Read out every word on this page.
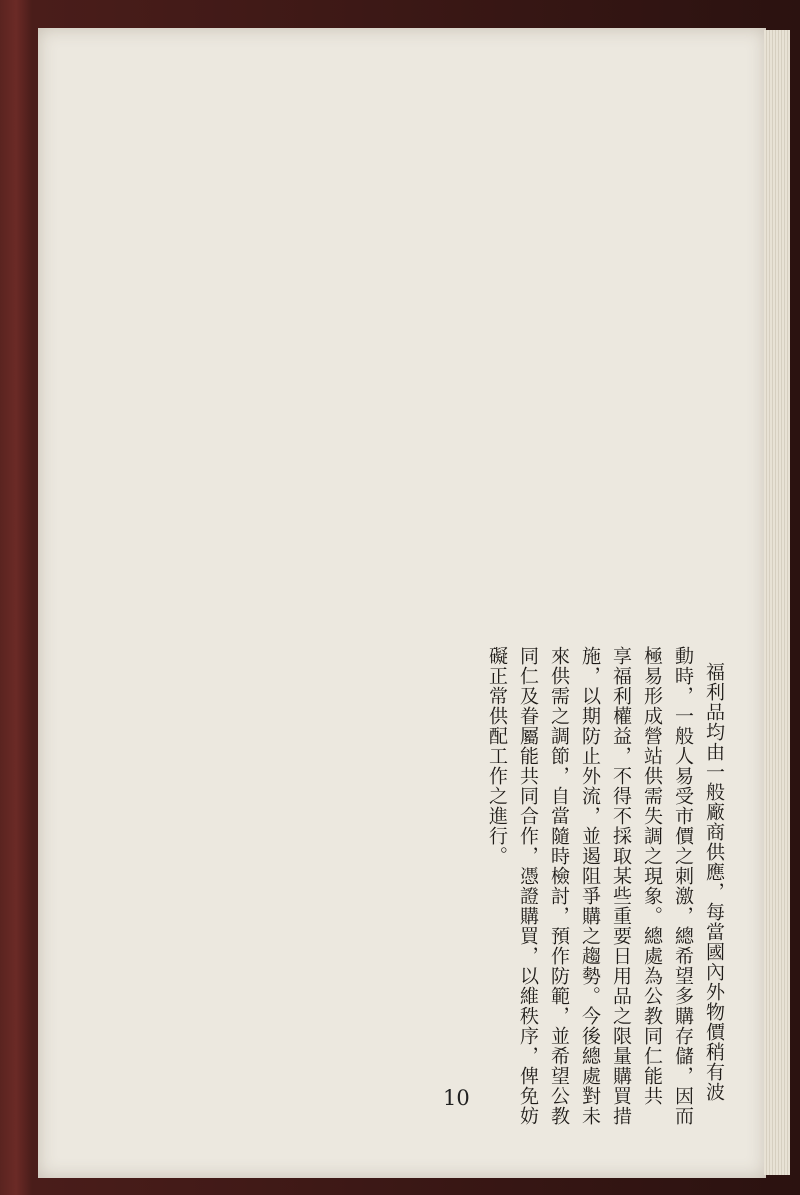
福利品均由一般廠商供應，每當國內外物價稍有波
動時，一般人易受市價之刺激，總希望多購存儲，因而
極易形成營站供需失調之現象。總處為公教同仁能共
享福利權益，不得不採取某些重要日用品之限量購買措
施，以期防止外流，並遏阻爭購之趨勢。今後總處對未
來供需之調節，自當隨時檢討，預作防範，並希望公教
同仁及眷屬能共同合作，憑證購買，以維秩序，俾免妨
礙正常供配工作之進行。
10
